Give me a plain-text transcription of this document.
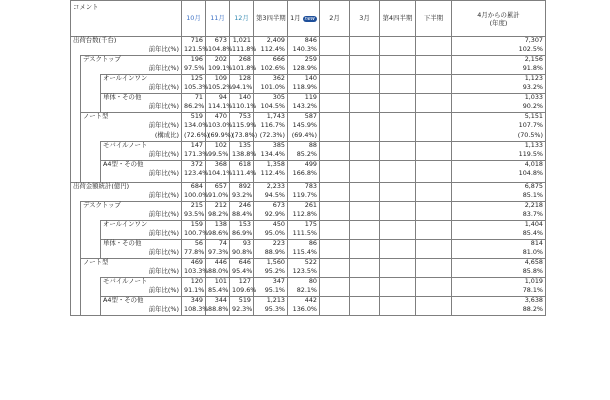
コメント			10月	11月	12月	第3四半期	1月 new	2月	3月	第4四半期	下半期	4月からの累計
(年度)
出荷台数(千台)			716	673	1,021	2,409	846					7,307
前年比(%)			121.5%	104.8%	111.8%	112.4%	140.3%					102.5%
	デスクトップ		196	202	268	666	259					2,156
	前年比(%)		97.5%	109.1%	101.8%	102.6%	128.9%					91.8%
		オールインワン	125	109	128	362	140					1,123
		前年比(%)	105.3%	105.2%	94.1%	101.0%	118.9%					93.2%
		単体・その他	71	94	140	305	119					1,033
		前年比(%)	86.2%	114.1%	110.1%	104.5%	143.2%					90.2%
	ノート型		519	470	753	1,743	587					5,151
	前年比(%)		134.0%	103.0%	115.9%	116.7%	145.9%					107.7%
	(構成比)		(72.6%)	(69.9%)	(73.8%)	(72.3%)	(69.4%)					(70.5%)
		モバイルノート	147	102	135	385	88					1,133
		前年比(%)	171.3%	99.5%	138.8%	134.4%	85.2%					119.5%
		A4型・その他	372	368	618	1,358	499					4,018
		前年比(%)	123.4%	104.1%	111.4%	112.4%	166.8%					104.8%

出荷金額統計(億円)			684	657	892	2,233	783					6,875
前年比(%)			100.0%	91.0%	93.2%	94.5%	119.7%					85.1%
	デスクトップ		215	212	246	673	261					2,218
	前年比(%)		93.5%	98.2%	88.4%	92.9%	112.8%					83.7%
		オールインワン	159	138	153	450	175					1,404
		前年比(%)	100.7%	98.6%	86.9%	95.0%	111.5%					85.4%
		単体・その他	56	74	93	223	86					814
		前年比(%)	77.8%	97.3%	90.8%	88.9%	115.4%					81.0%
	ノート型		469	446	646	1,560	522					4,658
	前年比(%)		103.3%	88.0%	95.4%	95.2%	123.5%					85.8%
		モバイルノート	120	101	127	347	80					1,019
		前年比(%)	91.1%	85.4%	109.6%	95.1%	82.1%					78.1%
		A4型・その他	349	344	519	1,213	442					3,638
		前年比(%)	108.3%	88.8%	92.3%	95.3%	136.0%					88.2%
